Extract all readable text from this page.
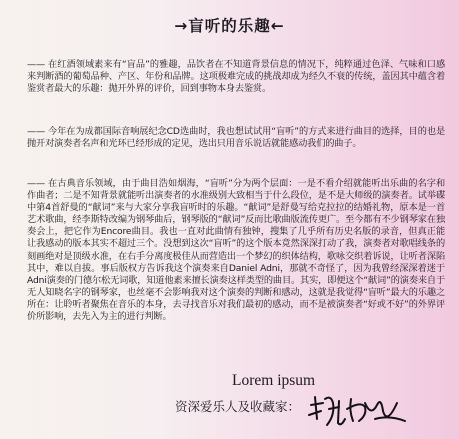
→盲听的乐趣←

—— 在红酒领域素来有“盲品”的雅趣，品饮者在不知道背景信息的情况下，纯粹通过色泽、气味和口感来判断酒的葡萄品种、产区、年份和品牌。这项极难完成的挑战却成为经久不衰的传统，盖因其中蕴含着鉴赏者最大的乐趣：抛开外界的评价，回到事物本身去鉴赏。

—— 今年在为成都国际音响展纪念CD选曲时，我也想试试用“盲听”的方式来进行曲目的选择，目的也是抛开对演奏者名声和光环已经形成的定见，选出只用音乐说话就能感动我们的曲子。

—— 在古典音乐领域，由于曲目浩如烟海，“盲听”分为两个层面：一是不看介绍就能听出乐曲的名字和作曲者；二是不知背景就能听出演奏者的水准级别大致相当于什么段位，是不是大师级的演奏者。试举碟中第4首舒曼的“献词”来与大家分享我盲听时的乐趣。“献词”是舒曼写给克拉拉的结婚礼物，原本是一首艺术歌曲，经李斯特改编为钢琴曲后，钢琴版的“献词”反而比歌曲版流传更广。至今都有不少钢琴家在独奏会上，把它作为Encore曲目。我也一直对此曲情有独钟，搜集了几乎所有历史名版的录音，但真正能让我感动的版本其实不超过三个。没想到这次“盲听”的这个版本竟然深深打动了我，演奏者对歌唱线条的刻画绝对是顶级水准，在右手分离度极佳从而营造出一个梦幻的织体结构，歌咏交织着诉说，让听者深陷其中，难以自拔。事后版权方告诉我这个演奏来自Daniel Adni，那就不奇怪了，因为我曾经深深着迷于Adni演奏的门德尔松无词歌，知道他素来擅长演奏这样类型的曲目。其实，即便这个“献词”的演奏来自于无人知晓名字的钢琴家，也丝毫不会影响我对这个演奏的判断和感动，这就是我觉得“盲听”最大的乐趣之所在：让聆听者聚焦在音乐的本身，去寻找音乐对我们最初的感动，而不是被演奏者“好或不好”的外界评价所影响，去先入为主的进行判断。

Lorem ipsum
资深爱乐人及收藏家：
